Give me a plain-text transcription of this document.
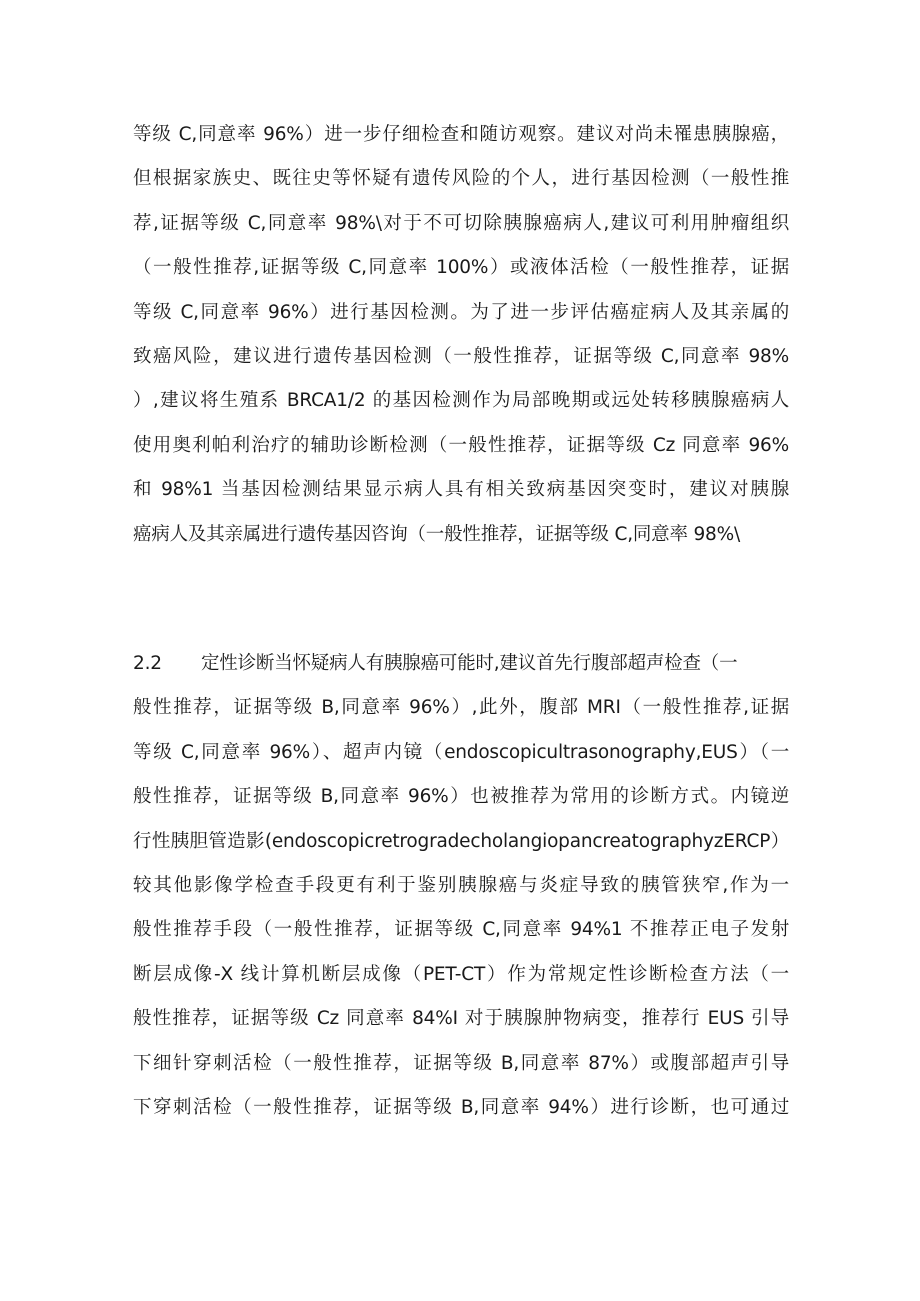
等级 C,同意率 96%）进一步仔细检查和随访观察。建议对尚未罹患胰腺癌，
但根据家族史、既往史等怀疑有遗传风险的个人，进行基因检测（一般性推
荐,证据等级 C,同意率 98%\对于不可切除胰腺癌病人,建议可利用肿瘤组织
（一般性推荐,证据等级 C,同意率 100%）或液体活检（一般性推荐，证据
等级 C,同意率 96%）进行基因检测。为了进一步评估癌症病人及其亲属的
致癌风险，建议进行遗传基因检测（一般性推荐，证据等级 C,同意率 98%
）,建议将生殖系 BRCA1/2 的基因检测作为局部晚期或远处转移胰腺癌病人
使用奥利帕利治疗的辅助诊断检测（一般性推荐，证据等级 Cz 同意率 96%
和 98%1 当基因检测结果显示病人具有相关致病基因突变时，建议对胰腺
癌病人及其亲属进行遗传基因咨询（一般性推荐，证据等级 C,同意率 98%\
2.2 定性诊断当怀疑病人有胰腺癌可能时,建议首先行腹部超声检查（一
般性推荐，证据等级 B,同意率 96%）,此外，腹部 MRI（一般性推荐,证据
等级 C,同意率 96%）、超声内镜（endoscopicultrasonography,EUS）（一
般性推荐，证据等级 B,同意率 96%）也被推荐为常用的诊断方式。内镜逆
行性胰胆管造影(endoscopicretrogradecholangiopancreatographyzERCP）
较其他影像学检查手段更有利于鉴别胰腺癌与炎症导致的胰管狭窄,作为一
般性推荐手段（一般性推荐，证据等级 C,同意率 94%1 不推荐正电子发射
断层成像-X 线计算机断层成像（PET-CT）作为常规定性诊断检查方法（一
般性推荐，证据等级 Cz 同意率 84%I 对于胰腺肿物病变，推荐行 EUS 引导
下细针穿刺活检（一般性推荐，证据等级 B,同意率 87%）或腹部超声引导
下穿刺活检（一般性推荐，证据等级 B,同意率 94%）进行诊断，也可通过
